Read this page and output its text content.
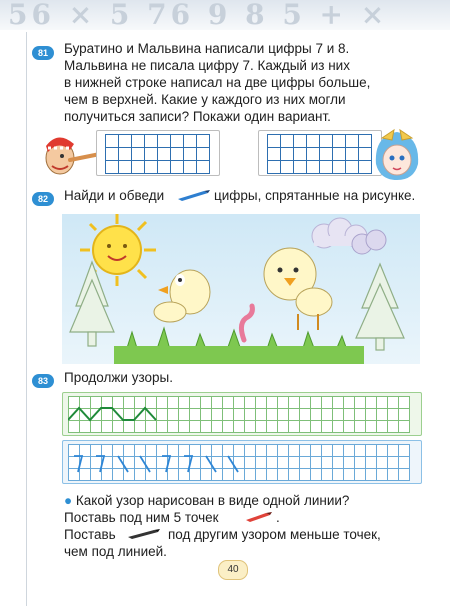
56 × 5 76 9 8 5 + ×
81	Буратино и Мальвина написали цифры 7 и 8.
Мальвина не писала цифру 7. Каждый из них
в нижней строке написал на две цифры больше,
чем в верхней. Какие у каждого из них могли
получиться записи? Покажи один вариант.
82	Найди и обведи	цифры, спрятанные на рисунке.
83	Продолжи узоры.
● Какой узор нарисован в виде одной линии?
Поставь под ним 5 точек	.
Поставь	под другим узором меньше точек,
чем под линией.
40
